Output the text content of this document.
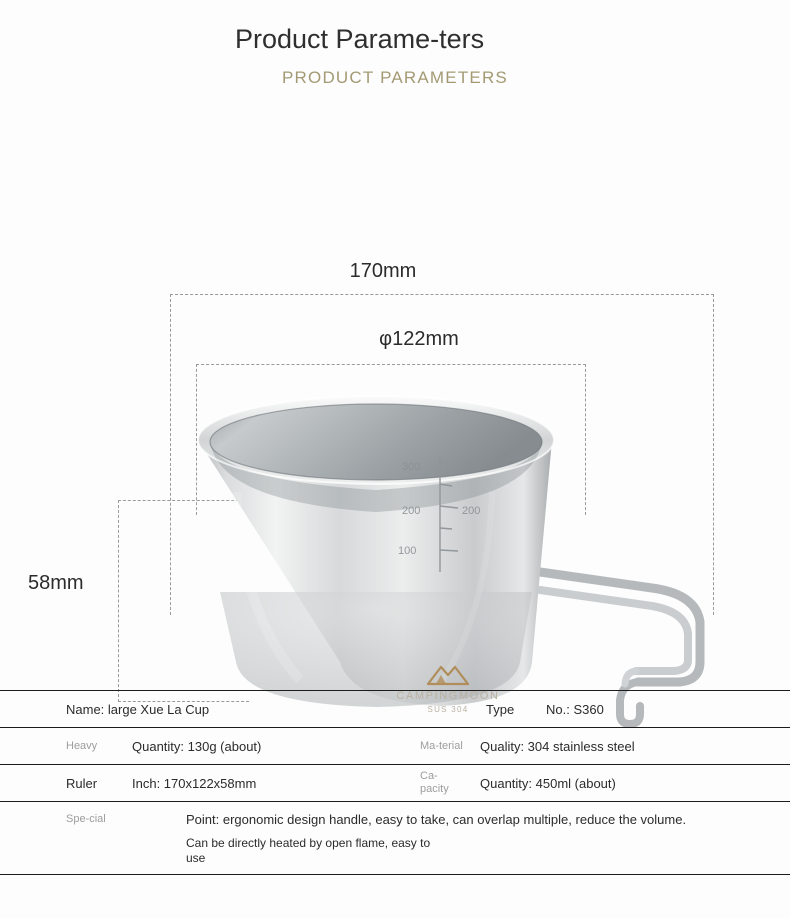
Product Parame-ters
PRODUCT PARAMETERS
170mm
φ122mm
58mm
360
300
200
200
100
CAMPINGMOON
SUS 304
Name: large Xue La Cup	Type	No.: S360
Heavy	Quantity: 130g (about)	Ma-terial	Quality: 304 stainless steel
Ruler	Inch: 170x122x58mm	Ca-pacity	Quantity: 450ml (about)
Spe-cial	Point: ergonomic design handle, easy to take, can overlap multiple, reduce the volume.
Can be directly heated by open flame, easy to use
